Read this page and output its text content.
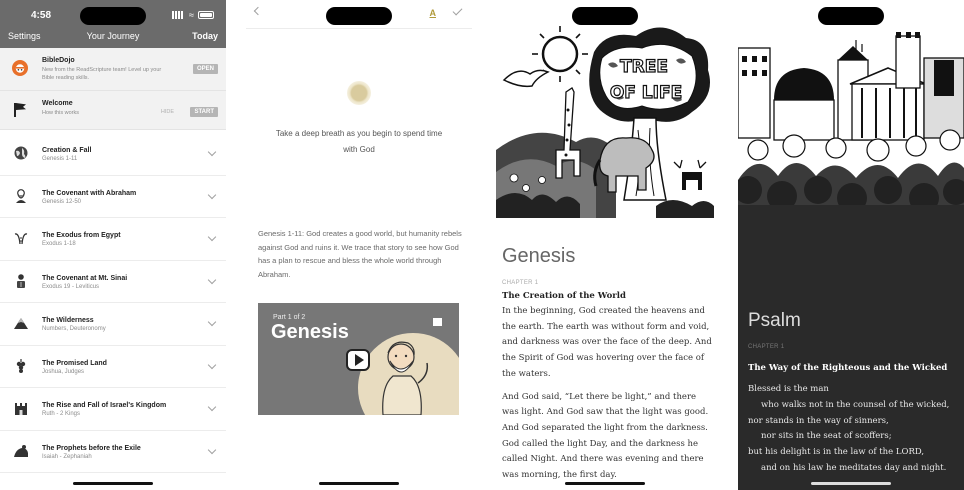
4:58	≈
Your Journey
Settings	Today
BibleDojo
New from the ReadScripture team! Level up your Bible reading skills.
OPEN
Welcome
How this works	HIDE	START
Creation & Fall
Genesis 1-11
The Covenant with Abraham
Genesis 12-50
The Exodus from Egypt
Exodus 1-18
The Covenant at Mt. Sinai
Exodus 19 - Leviticus
The Wilderness
Numbers, Deuteronomy
The Promised Land
Joshua, Judges
The Rise and Fall of Israel's Kingdom
Ruth - 2 Kings
The Prophets before the Exile
Isaiah - Zephaniah
A
Take a deep breath as you begin to spend time with God
Genesis 1-11: God creates a good world, but humanity rebels against God and ruins it. We trace that story to see how God has a plan to rescue and bless the whole world through Abraham.
Part 1 of 2
Genesis
TREE
OF LIFE
Genesis
CHAPTER 1
The Creation of the World

In the beginning, God created the heavens and the earth. The earth was without form and void, and darkness was over the face of the deep. And the Spirit of God was hovering over the face of the waters.

And God said, “Let there be light,” and there was light. And God saw that the light was good. And God separated the light from the darkness. God called the light Day, and the darkness he called Night. And there was evening and there was morning, the first day.

Psalm
CHAPTER 1
The Way of the Righteous and the Wicked
Blessed is the man
who walks not in the counsel of the wicked,
nor stands in the way of sinners,
nor sits in the seat of scoffers;
but his delight is in the law of the LORD,
and on his law he meditates day and night.
